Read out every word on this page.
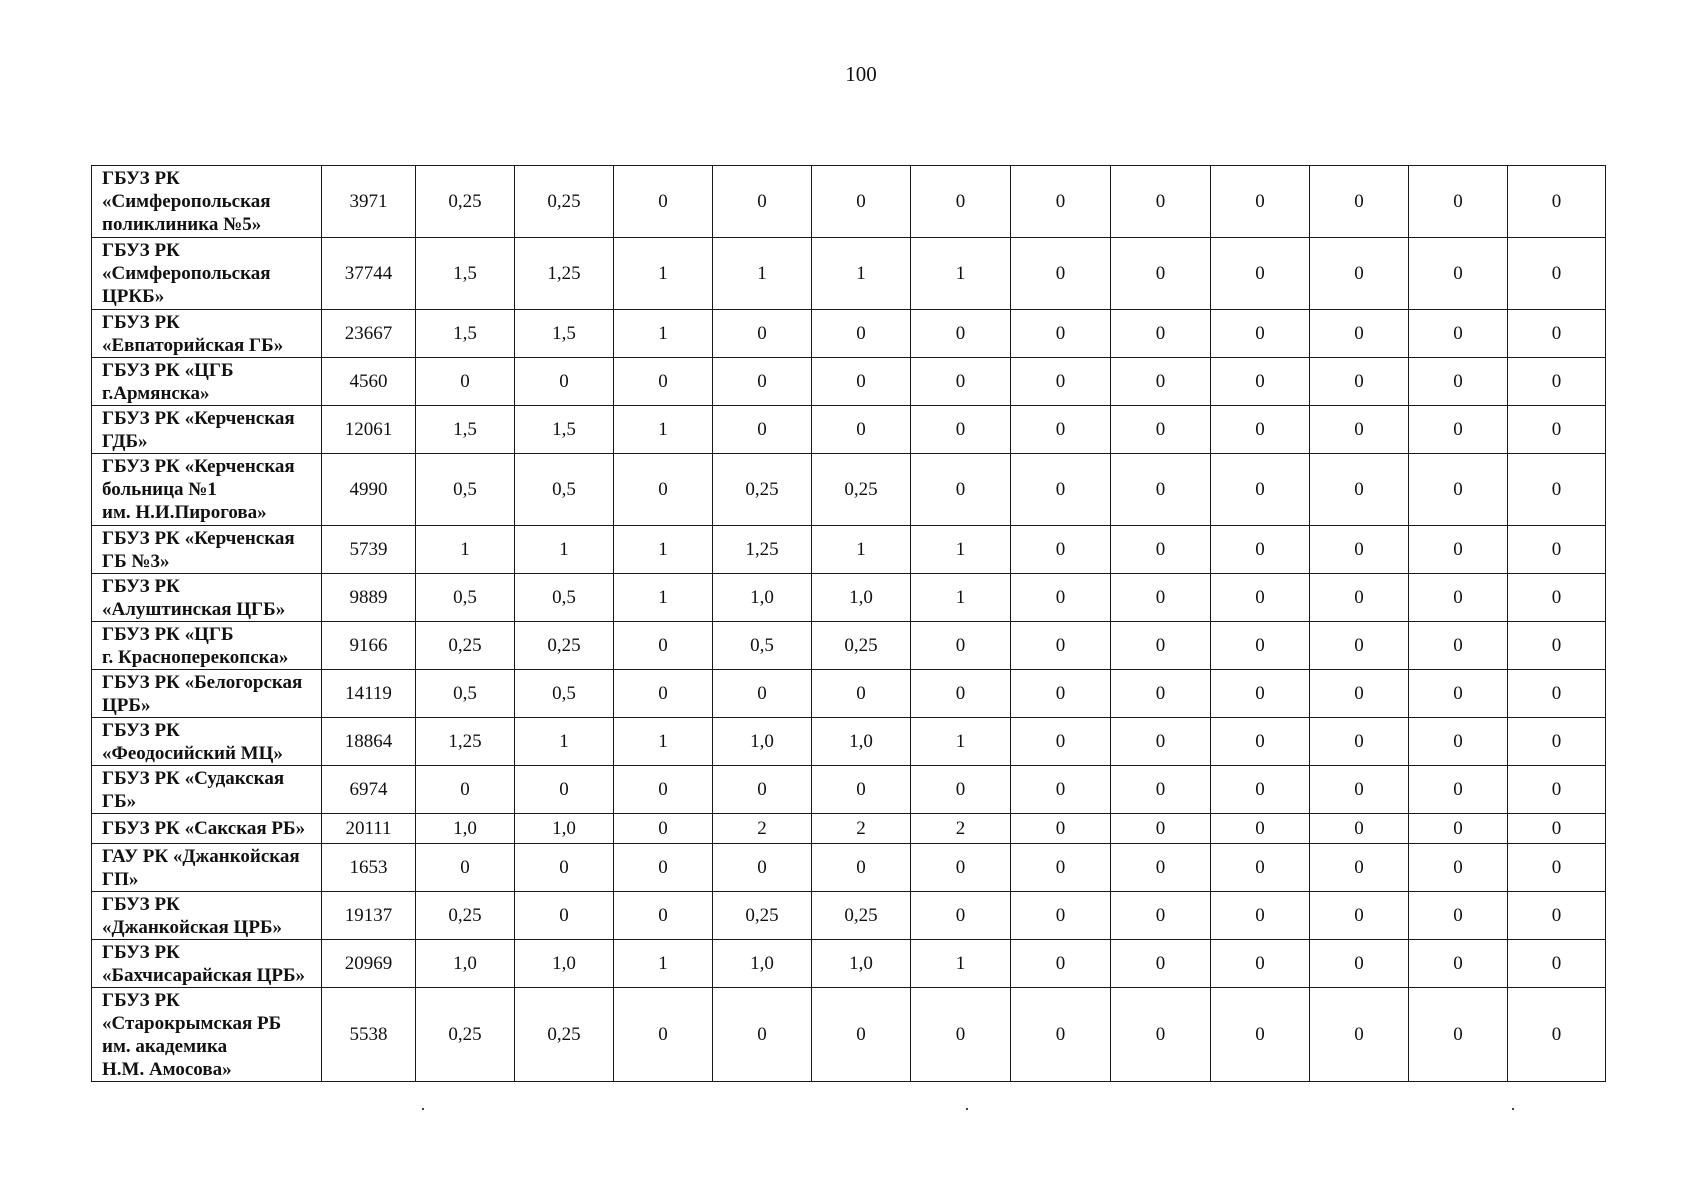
100
ГБУЗ РК
«Симферопольская
поликлиника №5»	3971	0,25	0,25	0	0	0	0	0	0	0	0	0	0

ГБУЗ РК
«Симферопольская
ЦРКБ»	37744	1,5	1,25	1	1	1	1	0	0	0	0	0	0

ГБУЗ РК
«Евпаторийская ГБ»	23667	1,5	1,5	1	0	0	0	0	0	0	0	0	0

ГБУЗ РК «ЦГБ
г.Армянска»	4560	0	0	0	0	0	0	0	0	0	0	0	0

ГБУЗ РК «Керченская
ГДБ»	12061	1,5	1,5	1	0	0	0	0	0	0	0	0	0

ГБУЗ РК «Керченская
больница №1
им. Н.И.Пирогова»	4990	0,5	0,5	0	0,25	0,25	0	0	0	0	0	0	0

ГБУЗ РК «Керченская
ГБ №3»	5739	1	1	1	1,25	1	1	0	0	0	0	0	0

ГБУЗ РК
«Алуштинская ЦГБ»	9889	0,5	0,5	1	1,0	1,0	1	0	0	0	0	0	0

ГБУЗ РК «ЦГБ
г. Красноперекопска»	9166	0,25	0,25	0	0,5	0,25	0	0	0	0	0	0	0

ГБУЗ РК «Белогорская
ЦРБ»	14119	0,5	0,5	0	0	0	0	0	0	0	0	0	0

ГБУЗ РК
«Феодосийский МЦ»	18864	1,25	1	1	1,0	1,0	1	0	0	0	0	0	0

ГБУЗ РК «Судакская
ГБ»	6974	0	0	0	0	0	0	0	0	0	0	0	0

ГБУЗ РК «Сакская РБ»	20111	1,0	1,0	0	2	2	2	0	0	0	0	0	0

ГАУ РК «Джанкойская
ГП»	1653	0	0	0	0	0	0	0	0	0	0	0	0

ГБУЗ РК
«Джанкойская ЦРБ»	19137	0,25	0	0	0,25	0,25	0	0	0	0	0	0	0

ГБУЗ РК
«Бахчисарайская ЦРБ»	20969	1,0	1,0	1	1,0	1,0	1	0	0	0	0	0	0

ГБУЗ РК
«Старокрымская РБ
им. академика
Н.М. Амосова»	5538	0,25	0,25	0	0	0	0	0	0	0	0	0	0
